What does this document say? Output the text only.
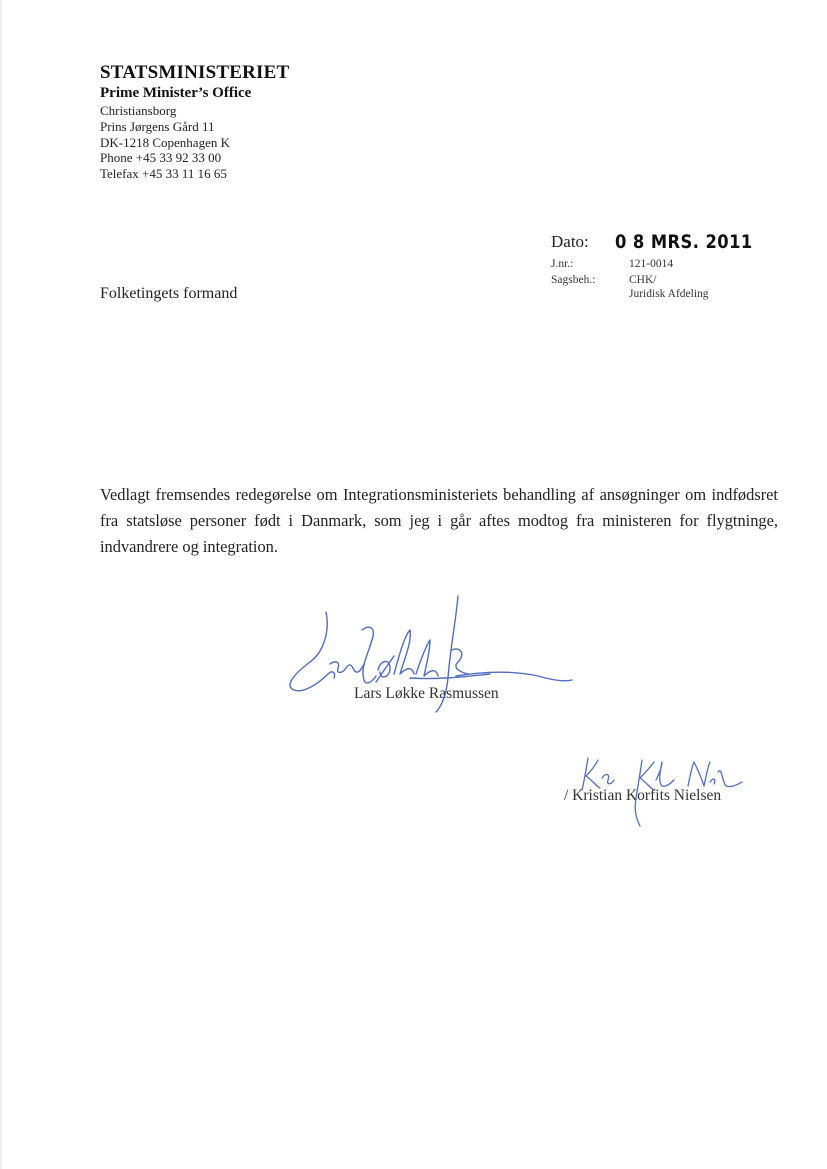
STATSMINISTERIET
Prime Minister’s Office
Christiansborg
Prins Jørgens Gård 11
DK-1218 Copenhagen K
Phone +45 33 92 33 00
Telefax +45 33 11 16 65
Dato: 0 8 MRS. 2011
J.nr.:	121-0014
Sagsbeh.:	CHK/
Juridisk Afdeling
Folketingets formand
Vedlagt fremsendes redegørelse om Integrationsministeriets behandling af ansøgninger om indfødsret fra statsløse personer født i Danmark, som jeg i går aftes modtog fra ministeren for flygtninge, indvandrere og integration.
Lars Løkke Rasmussen
/ Kristian Korfits Nielsen
